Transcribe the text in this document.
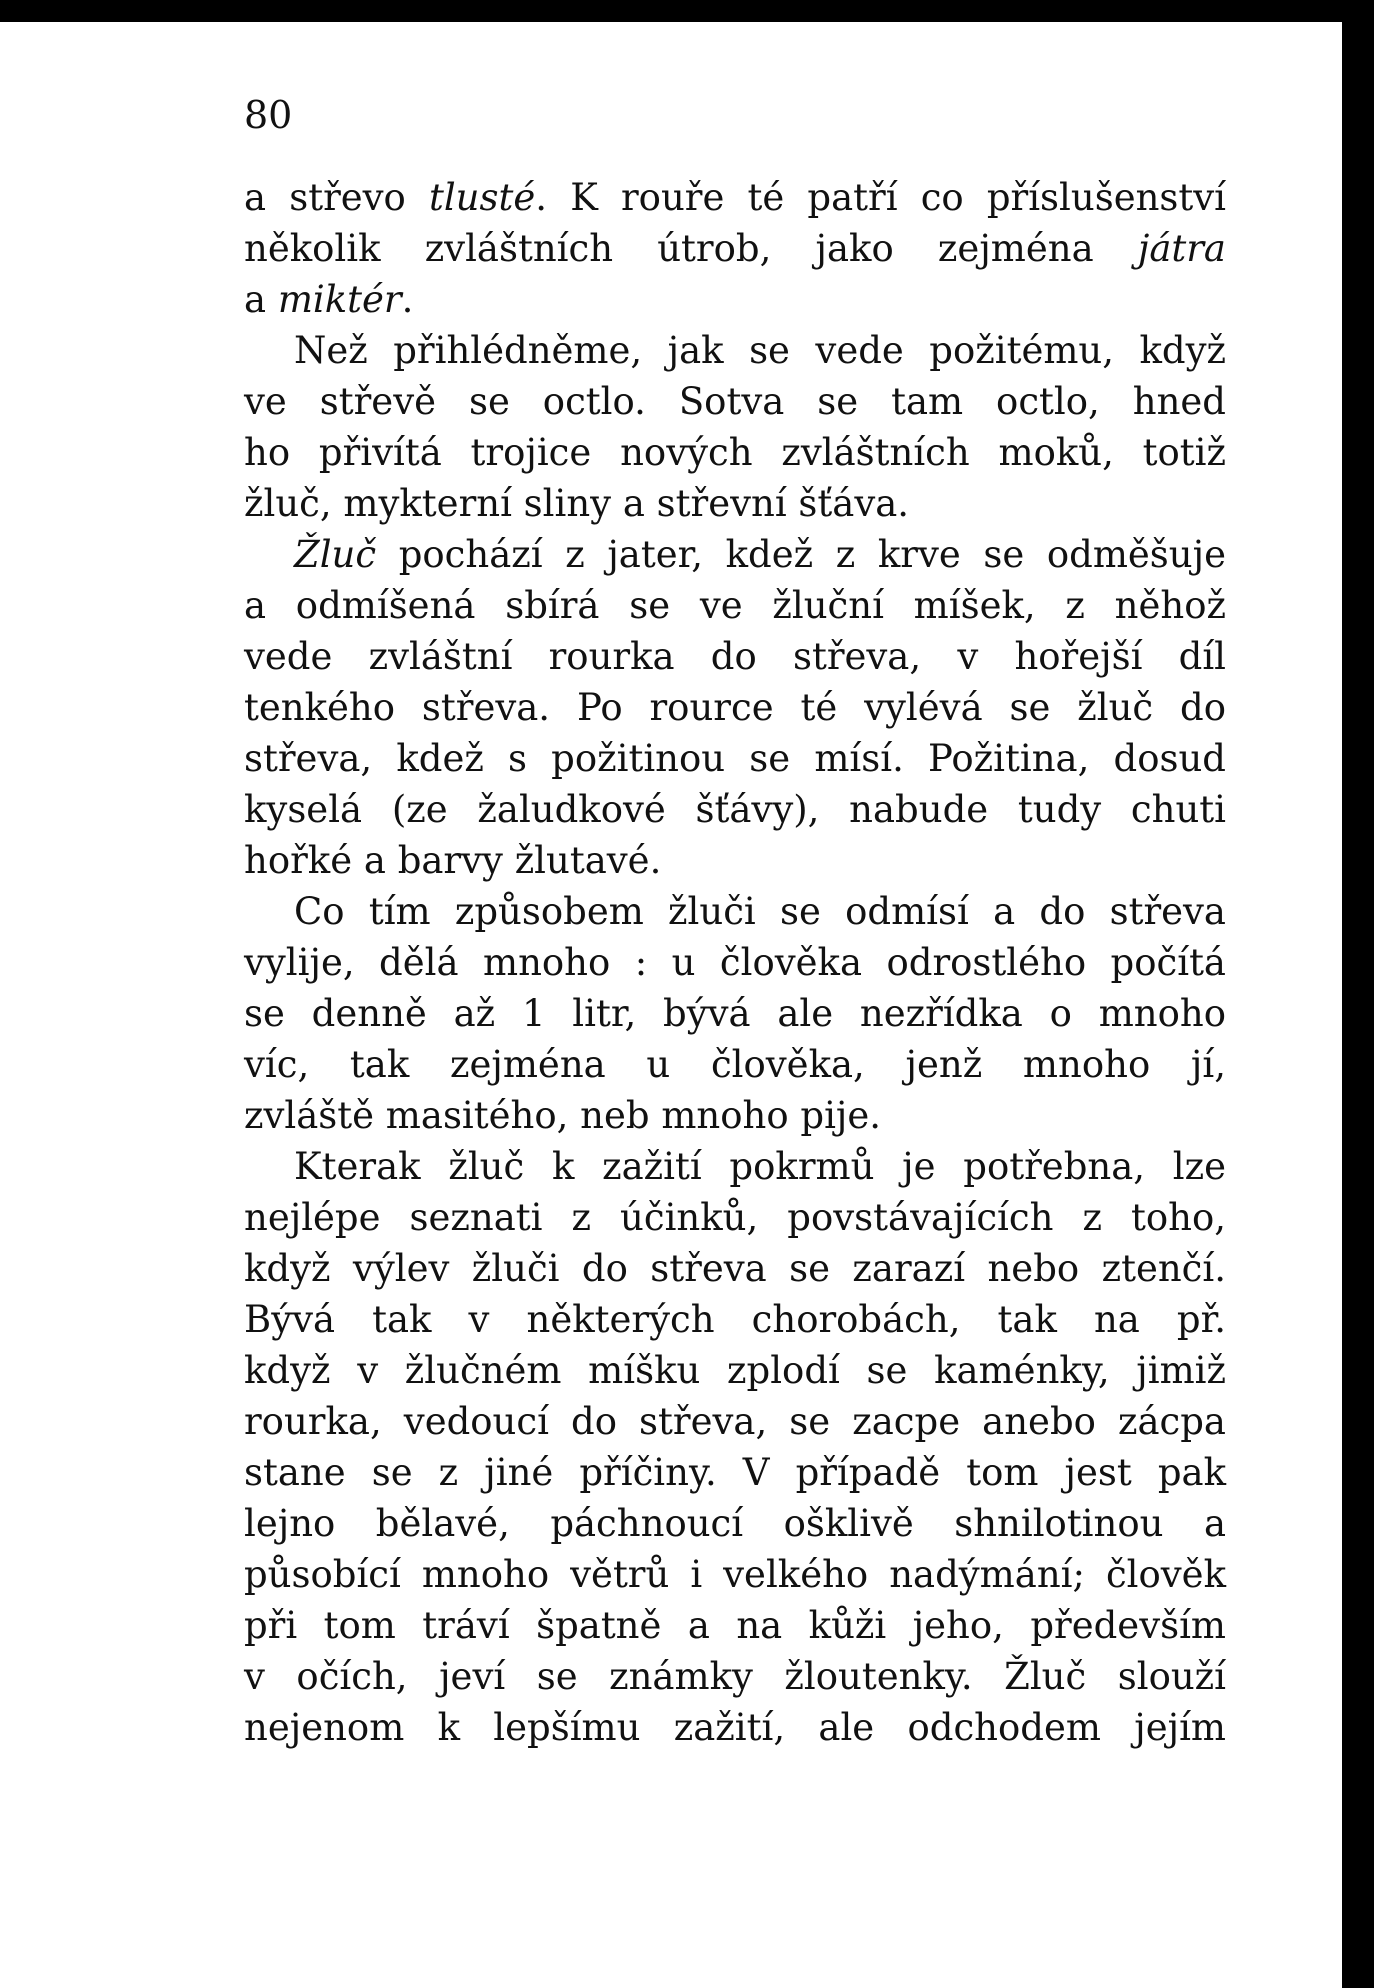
80

a střevo tlusté. K rouře té patří co příslušenství
několik zvláštních útrob, jako zejména játra
a miktér.
Než přihlédněme, jak se vede požitému, když
ve střevě se octlo. Sotva se tam octlo, hned
ho přivítá trojice nových zvláštních moků, totiž
žluč, mykterní sliny a střevní šťáva.
Žluč pochází z jater, kdež z krve se odměšuje
a odmíšená sbírá se ve žluční míšek, z něhož
vede zvláštní rourka do střeva, v hořejší díl
tenkého střeva. Po rource té vylévá se žluč do
střeva, kdež s požitinou se mísí. Požitina, dosud
kyselá (ze žaludkové šťávy), nabude tudy chuti
hořké a barvy žlutavé.
Co tím způsobem žluči se odmísí a do střeva
vylije, dělá mnoho : u člověka odrostlého počítá
se denně až 1 litr, bývá ale nezřídka o mnoho
víc, tak zejména u člověka, jenž mnoho jí,
zvláště masitého, neb mnoho pije.
Kterak žluč k zažití pokrmů je potřebna, lze
nejlépe seznati z účinků, povstávajících z toho,
když výlev žluči do střeva se zarazí nebo ztenčí.
Bývá tak v některých chorobách, tak na př.
když v žlučném míšku zplodí se kaménky, jimiž
rourka, vedoucí do střeva, se zacpe anebo zácpa
stane se z jiné příčiny. V případě tom jest pak
lejno bělavé, páchnoucí ošklivě shnilotinou a
působící mnoho větrů i velkého nadýmání; člověk
při tom tráví špatně a na kůži jeho, především
v očích, jeví se známky žloutenky. Žluč slouží
nejenom k lepšímu zažití, ale odchodem jejím
